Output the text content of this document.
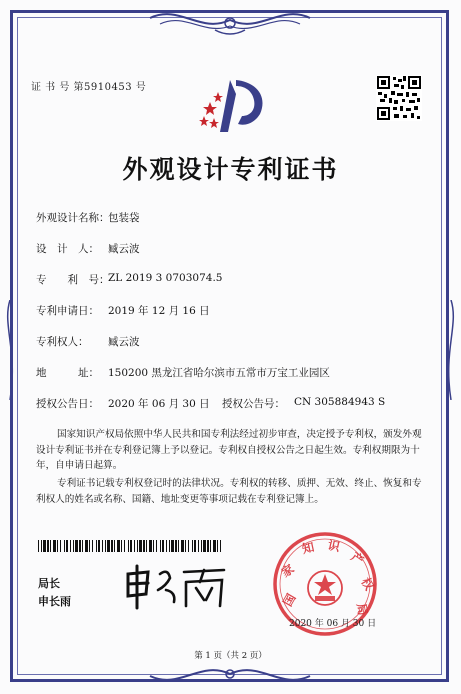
证 书 号 第5910453 号
外观设计专利证书
外观设计名称：
包装袋
设　计　人： 臧云波
专　　利　号：
ZL 2019 3 0703074.5
专利申请日： 2019 年 12 月 16 日
专利权人： 臧云波
地　　　址： 150200 黑龙江省哈尔滨市五常市万宝工业园区
授权公告日： 2020 年 06 月 30 日 授权公告号： CN 305884943 S
国家知识产权局依照中华人民共和国专利法经过初步审查，决定授予专利权，颁发外观设计专利证书并在专利登记簿上予以登记。专利权自授权公告之日起生效。专利权期限为十年，自申请日起算。
专利证书记载专利权登记时的法律状况。专利权的转移、质押、无效、终止、恢复和专利权人的姓名或名称、国籍、地址变更等事项记载在专利登记簿上。
局长
申长雨	国
家
知 识
产
权
局
2020 年 06 月 30 日
第 1 页（共 2 页）
